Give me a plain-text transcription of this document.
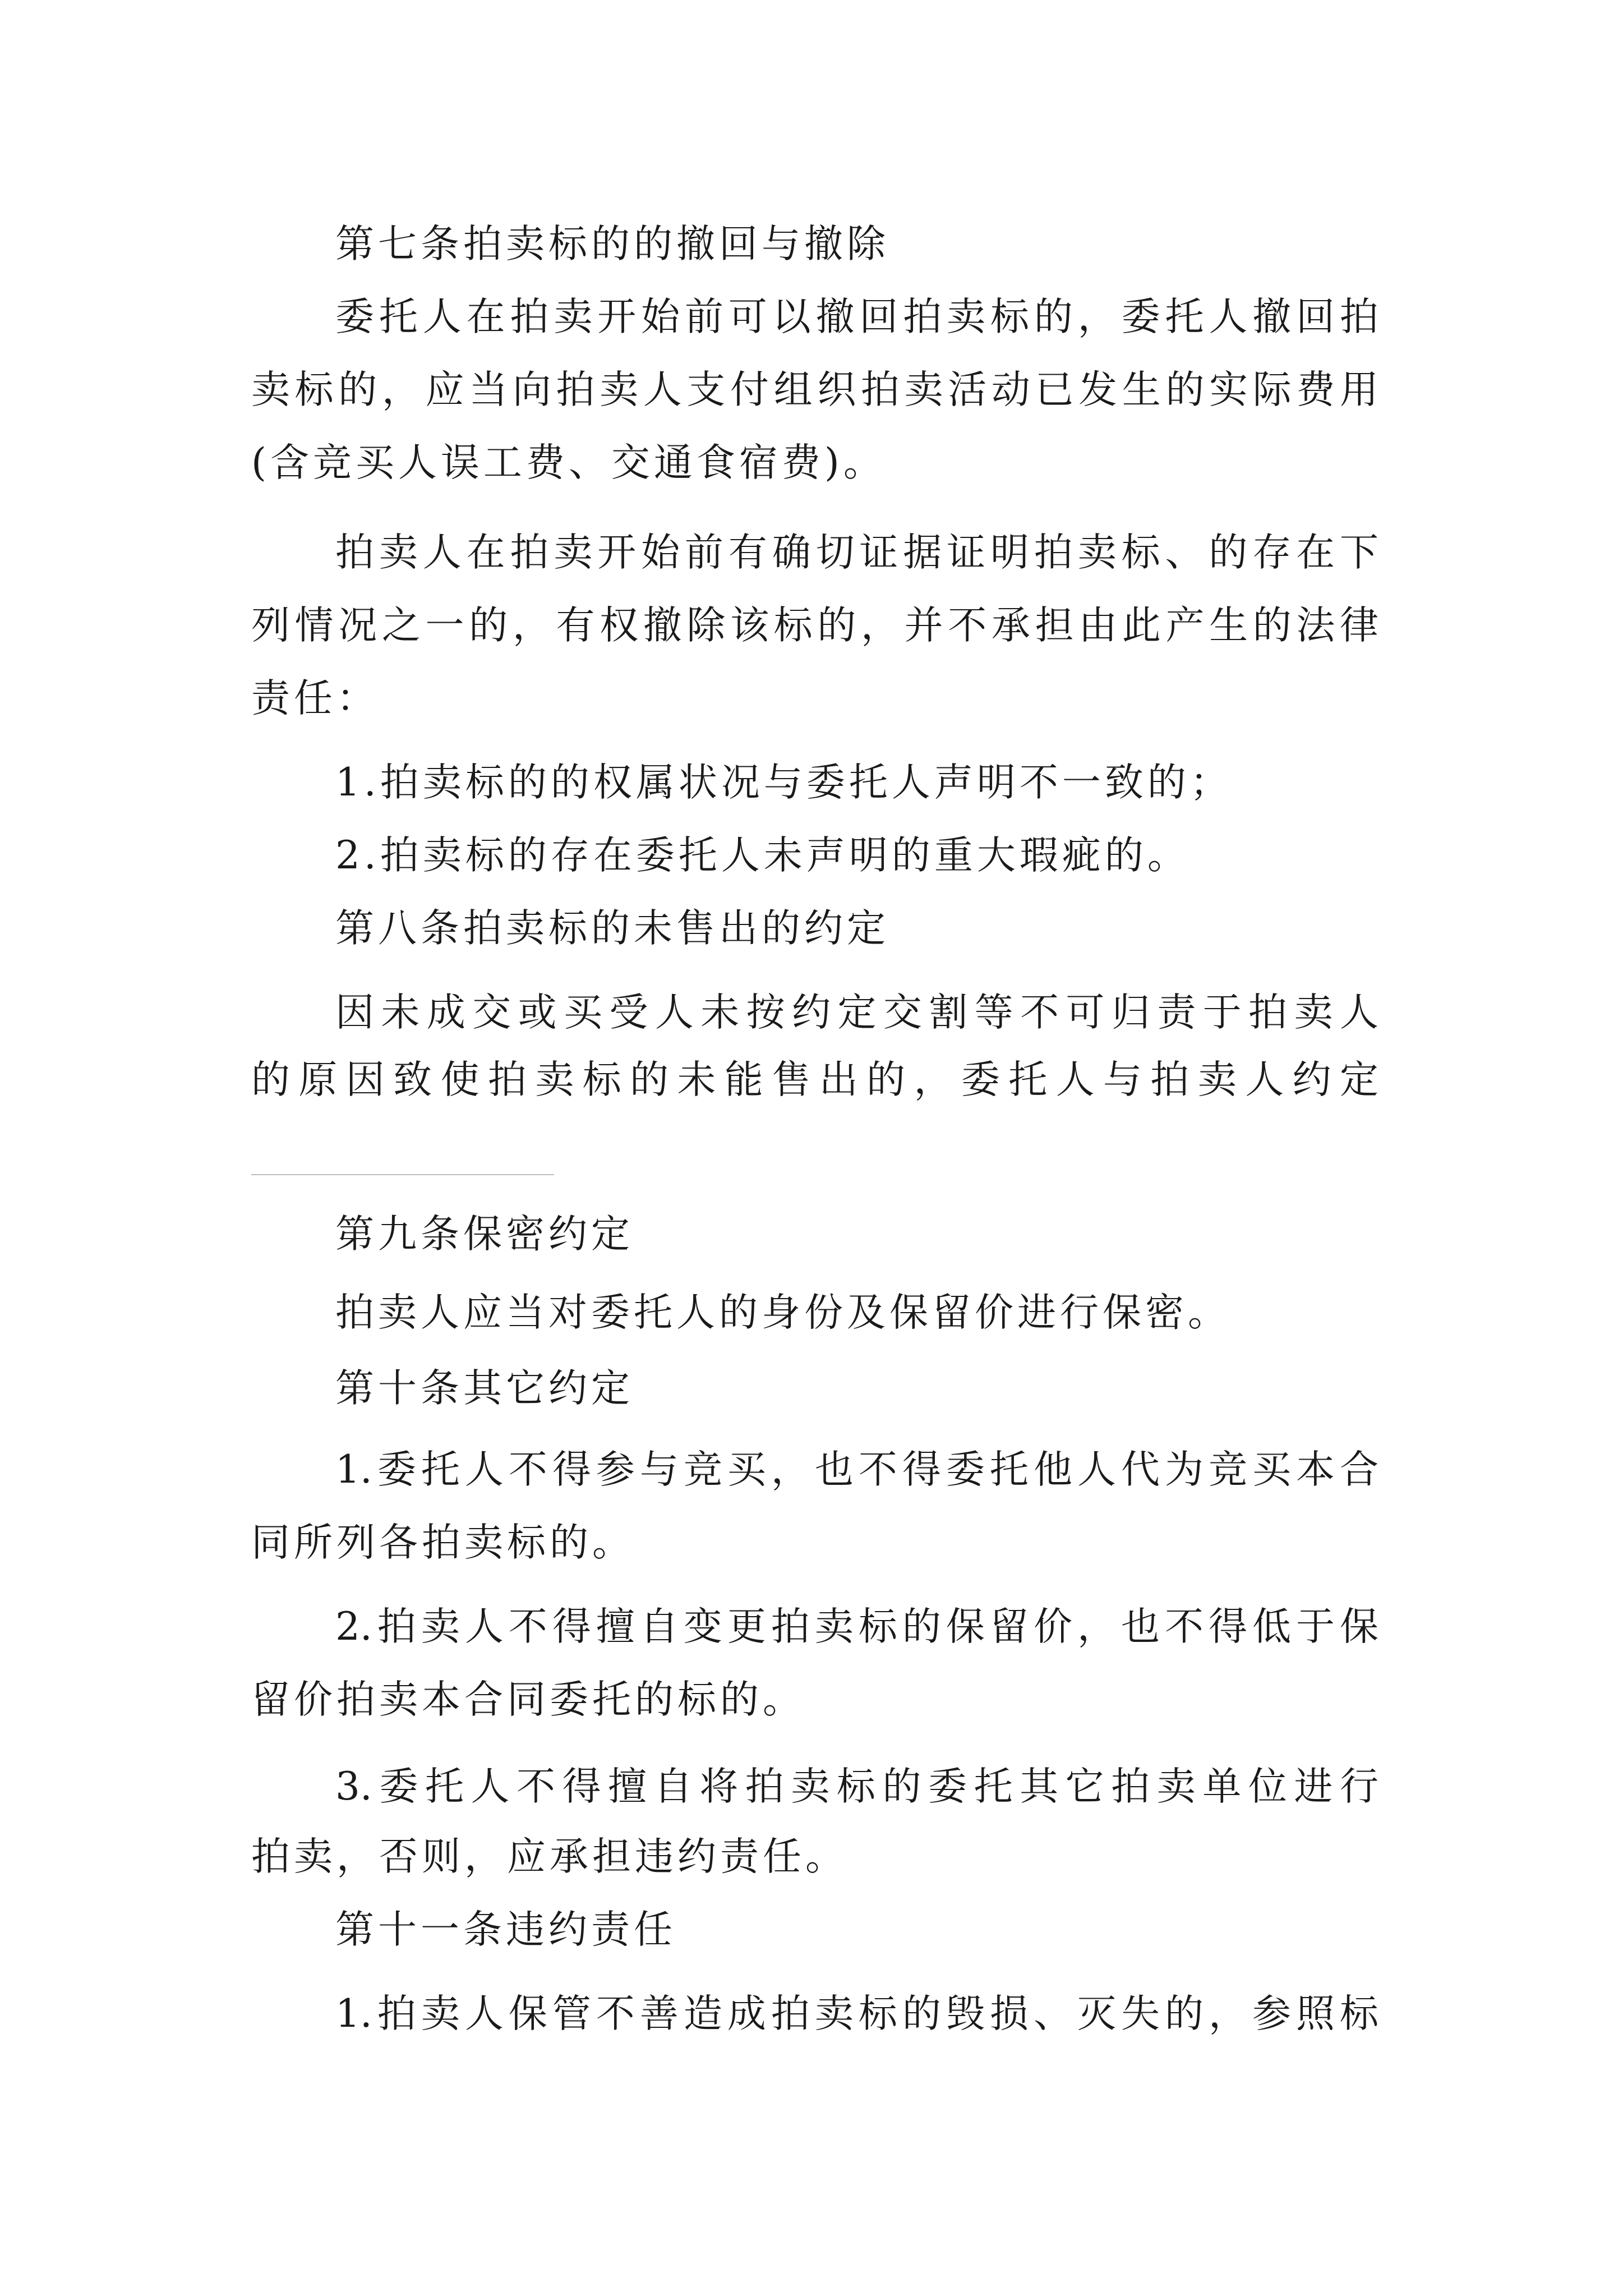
第七条拍卖标的的撤回与撤除
委托人在拍卖开始前可以撤回拍卖标的，委托人撤回拍
卖标的，应当向拍卖人支付组织拍卖活动已发生的实际费用
(含竞买人误工费、交通食宿费)。
拍卖人在拍卖开始前有确切证据证明拍卖标、的存在下
列情况之一的，有权撤除该标的，并不承担由此产生的法律
责任：
1.拍卖标的的权属状况与委托人声明不一致的；
2.拍卖标的存在委托人未声明的重大瑕疵的。
第八条拍卖标的未售出的约定
因未成交或买受人未按约定交割等不可归责于拍卖人
的原因致使拍卖标的未能售出的，委托人与拍卖人约定
第九条保密约定
拍卖人应当对委托人的身份及保留价进行保密。
第十条其它约定
1.委托人不得参与竞买，也不得委托他人代为竞买本合
同所列各拍卖标的。
2.拍卖人不得擅自变更拍卖标的保留价，也不得低于保
留价拍卖本合同委托的标的。
3.委托人不得擅自将拍卖标的委托其它拍卖单位进行
拍卖，否则，应承担违约责任。
第十一条违约责任
1.拍卖人保管不善造成拍卖标的毁损、灭失的，参照标
